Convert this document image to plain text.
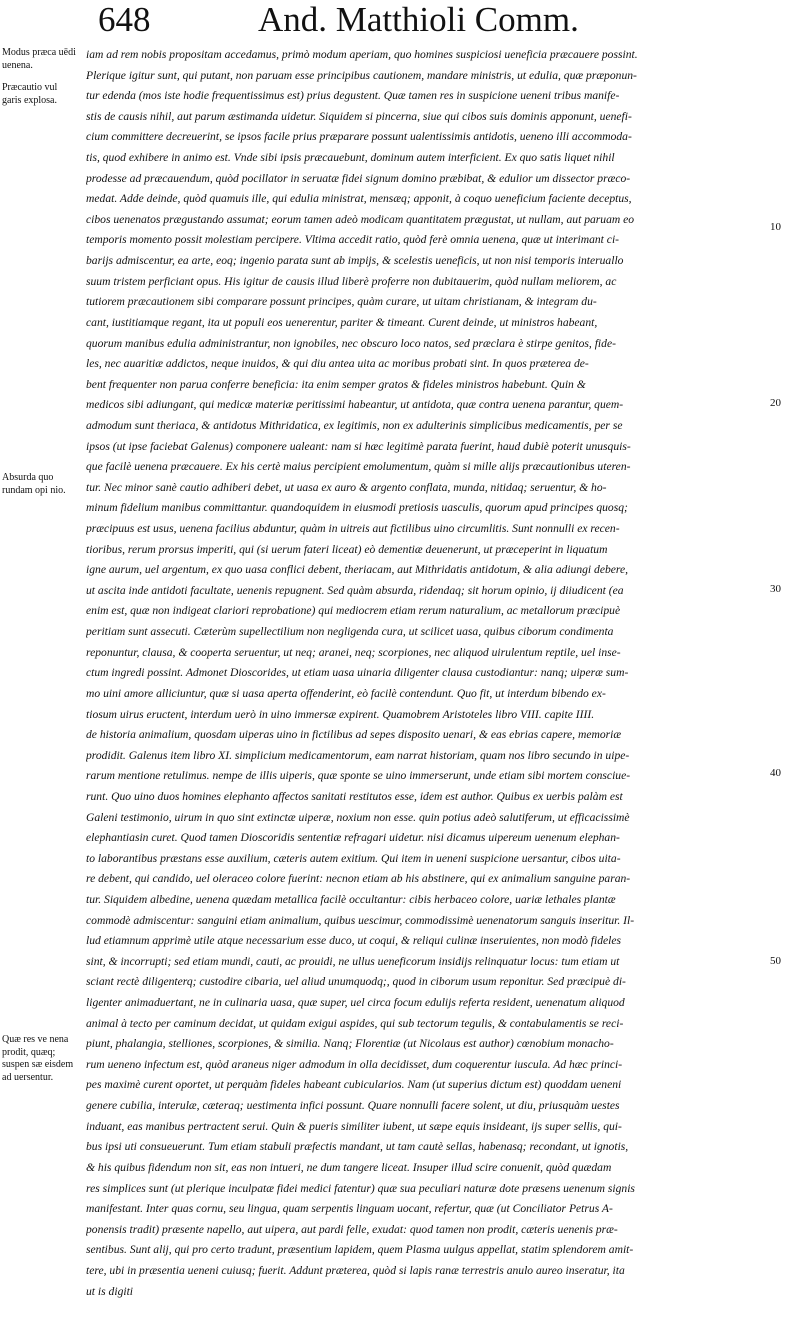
648	And. Matthioli Comm.
Modus præca uēdi uenena.
Præcautio vul garis explosa.
Absurda quo rundam opi nio.
Quæ res ve nena prodit, quæq; suspen sæ eisdem ad uersentur.
iam ad rem nobis propositam accedamus, primò modum aperiam, quo homines suspiciosi ueneficia præcauere possint.
Plerique igitur sunt, qui putant, non paruam esse principibus cautionem, mandare ministris, ut edulia, quæ præponun-
tur edenda (mos iste hodie frequentissimus est) prius degustent. Quæ tamen res in suspicione ueneni tribus manife-
stis de causis nihil, aut parum æstimanda uidetur. Siquidem si pincerna, siue qui cibos suis dominis apponunt, uenefi-
cium committere decreuerint, se ipsos facile prius præparare possunt ualentissimis antidotis, ueneno illi accommoda-
tis, quod exhibere in animo est. Vnde sibi ipsis præcauebunt, dominum autem interficient. Ex quo satis liquet nihil
prodesse ad præcauendum, quòd pocillator in seruatæ fidei signum domino præbibat, & edulior um dissector præco-
medat. Adde deinde, quòd quamuis ille, qui edulia ministrat, mensæq; apponit, à coquo ueneficium faciente deceptus,
cibos uenenatos prægustando assumat; eorum tamen adeò modicam quantitatem prægustat, ut nullam, aut paruam eo
temporis momento possit molestiam percipere. Vltima accedit ratio, quòd ferè omnia uenena, quæ ut interimant ci-
barijs admiscentur, ea arte, eoq; ingenio parata sunt ab impijs, & scelestis ueneficis, ut non nisi temporis interuallo
suum tristem perficiant opus. His igitur de causis illud liberè proferre non dubitauerim, quòd nullam meliorem, ac
tutiorem præcautionem sibi comparare possunt principes, quàm curare, ut uitam christianam, & integram du-
cant, iustitiamque regant, ita ut populi eos uenerentur, pariter & timeant. Curent deinde, ut ministros habeant,
quorum manibus edulia administrantur, non ignobiles, nec obscuro loco natos, sed præclara è stirpe genitos, fide-
les, nec auaritiæ addictos, neque inuidos, & qui diu antea uita ac moribus probati sint. In quos præterea de-
bent frequenter non parua conferre beneficia: ita enim semper gratos & fideles ministros habebunt. Quin &
medicos sibi adiungant, qui medicæ materiæ peritissimi habeantur, ut antidota, quæ contra uenena parantur, quem-
admodum sunt theriaca, & antidotus Mithridatica, ex legitimis, non ex adulterinis simplicibus medicamentis, per se
ipsos (ut ipse faciebat Galenus) componere ualeant: nam si hæc legitimè parata fuerint, haud dubiè poterit unusquis-
que facilè uenena præcauere. Ex his certè maius percipient emolumentum, quàm si mille alijs præcautionibus uteren-
tur. Nec minor sanè cautio adhiberi debet, ut uasa ex auro & argento conflata, munda, nitidaq; seruentur, & ho-
minum fidelium manibus committantur. quandoquidem in eiusmodi pretiosis uasculis, quorum apud principes quosq;
præcipuus est usus, uenena facilius abduntur, quàm in uitreis aut fictilibus uino circumlitis. Sunt nonnulli ex recen-
tioribus, rerum prorsus imperiti, qui (si uerum fateri liceat) eò dementiæ deuenerunt, ut præceperint in liquatum
igne aurum, uel argentum, ex quo uasa conflici debent, theriacam, aut Mithridatis antidotum, & alia adiungi debere,
ut ascita inde antidoti facultate, uenenis repugnent. Sed quàm absurda, ridendaq; sit horum opinio, ij diiudicent (ea
enim est, quæ non indigeat clariori reprobatione) qui mediocrem etiam rerum naturalium, ac metallorum præcipuè
peritiam sunt assecuti. Cæterùm supellectilium non negligenda cura, ut scilicet uasa, quibus ciborum condimenta
reponuntur, clausa, & cooperta seruentur, ut neq; aranei, neq; scorpiones, nec aliquod uirulentum reptile, uel inse-
ctum ingredi possint. Admonet Dioscorides, ut etiam uasa uinaria diligenter clausa custodiantur: nanq; uiperæ sum-
mo uini amore alliciuntur, quæ si uasa aperta offenderint, eò facilè contendunt. Quo fit, ut interdum bibendo ex-
tiosum uirus eructent, interdum uerò in uino immersæ expirent. Quamobrem Aristoteles libro VIII. capite IIII.
de historia animalium, quosdam uiperas uino in fictilibus ad sepes disposito uenari, & eas ebrias capere, memoriæ
prodidit. Galenus item libro XI. simplicium medicamentorum, eam narrat historiam, quam nos libro secundo in uipe-
rarum mentione retulimus. nempe de illis uiperis, quæ sponte se uino immerserunt, unde etiam sibi mortem consciue-
runt. Quo uino duos homines elephanto affectos sanitati restitutos esse, idem est author. Quibus ex uerbis palàm est
Galeni testimonio, uirum in quo sint extinctæ uiperæ, noxium non esse. quin potius adeò salutiferum, ut efficacissimè
elephantiasin curet. Quod tamen Dioscoridis sententiæ refragari uidetur. nisi dicamus uipereum uenenum elephan-
to laborantibus præstans esse auxilium, cæteris autem exitium. Qui item in ueneni suspicione uersantur, cibos uita-
re debent, qui candido, uel oleraceo colore fuerint: necnon etiam ab his abstinere, qui ex animalium sanguine paran-
tur. Siquidem albedine, uenena quædam metallica facilè occultantur: cibis herbaceo colore, uariæ lethales plantæ
commodè admiscentur: sanguini etiam animalium, quibus uescimur, commodissimè uenenatorum sanguis inseritur. Il-
lud etiamnum apprimè utile atque necessarium esse duco, ut coqui, & reliqui culinæ inseruientes, non modò fideles
sint, & incorrupti; sed etiam mundi, cauti, ac prouidi, ne ullus ueneficorum insidijs relinquatur locus: tum etiam ut
sciant rectè diligenterq; custodire cibaria, uel aliud unumquodq;, quod in ciborum usum reponitur. Sed præcipuè di-
ligenter animaduertant, ne in culinaria uasa, quæ super, uel circa focum edulijs referta resident, uenenatum aliquod
animal à tecto per caminum decidat, ut quidam exigui aspides, qui sub tectorum tegulis, & contabulamentis se reci-
piunt, phalangia, stelliones, scorpiones, & similia. Nanq; Florentiæ (ut Nicolaus est author) cœnobium monacho-
rum ueneno infectum est, quòd araneus niger admodum in olla decidisset, dum coquerentur iuscula. Ad hæc princi-
pes maximè curent oportet, ut perquàm fideles habeant cubicularios. Nam (ut superius dictum est) quoddam ueneni
genere cubilia, interulæ, cæteraq; uestimenta infici possunt. Quare nonnulli facere solent, ut diu, priusquàm uestes
induant, eas manibus pertractent serui. Quin & pueris similiter iubent, ut sæpe equis insideant, ijs super sellis, qui-
bus ipsi uti consueuerunt. Tum etiam stabuli præfectis mandant, ut tam cautè sellas, habenasq; recondant, ut ignotis,
& his quibus fidendum non sit, eas non intueri, ne dum tangere liceat. Insuper illud scire conuenit, quòd quædam
res simplices sunt (ut plerique inculpatæ fidei medici fatentur) quæ sua peculiari naturæ dote præsens uenenum signis
manifestant. Inter quas cornu, seu lingua, quam serpentis linguam uocant, refertur, quæ (ut Conciliator Petrus A-
ponensis tradit) præsente napello, aut uipera, aut pardi felle, exudat: quod tamen non prodit, cæteris uenenis præ-
sentibus. Sunt alij, qui pro certo tradunt, præsentium lapidem, quem Plasma uulgus appellat, statim splendorem amit-
tere, ubi in præsentia ueneni cuiusq; fuerit. Addunt præterea, quòd si lapis ranæ terrestris anulo aureo inseratur, ita
ut is digiti
10
20
30
40
50
